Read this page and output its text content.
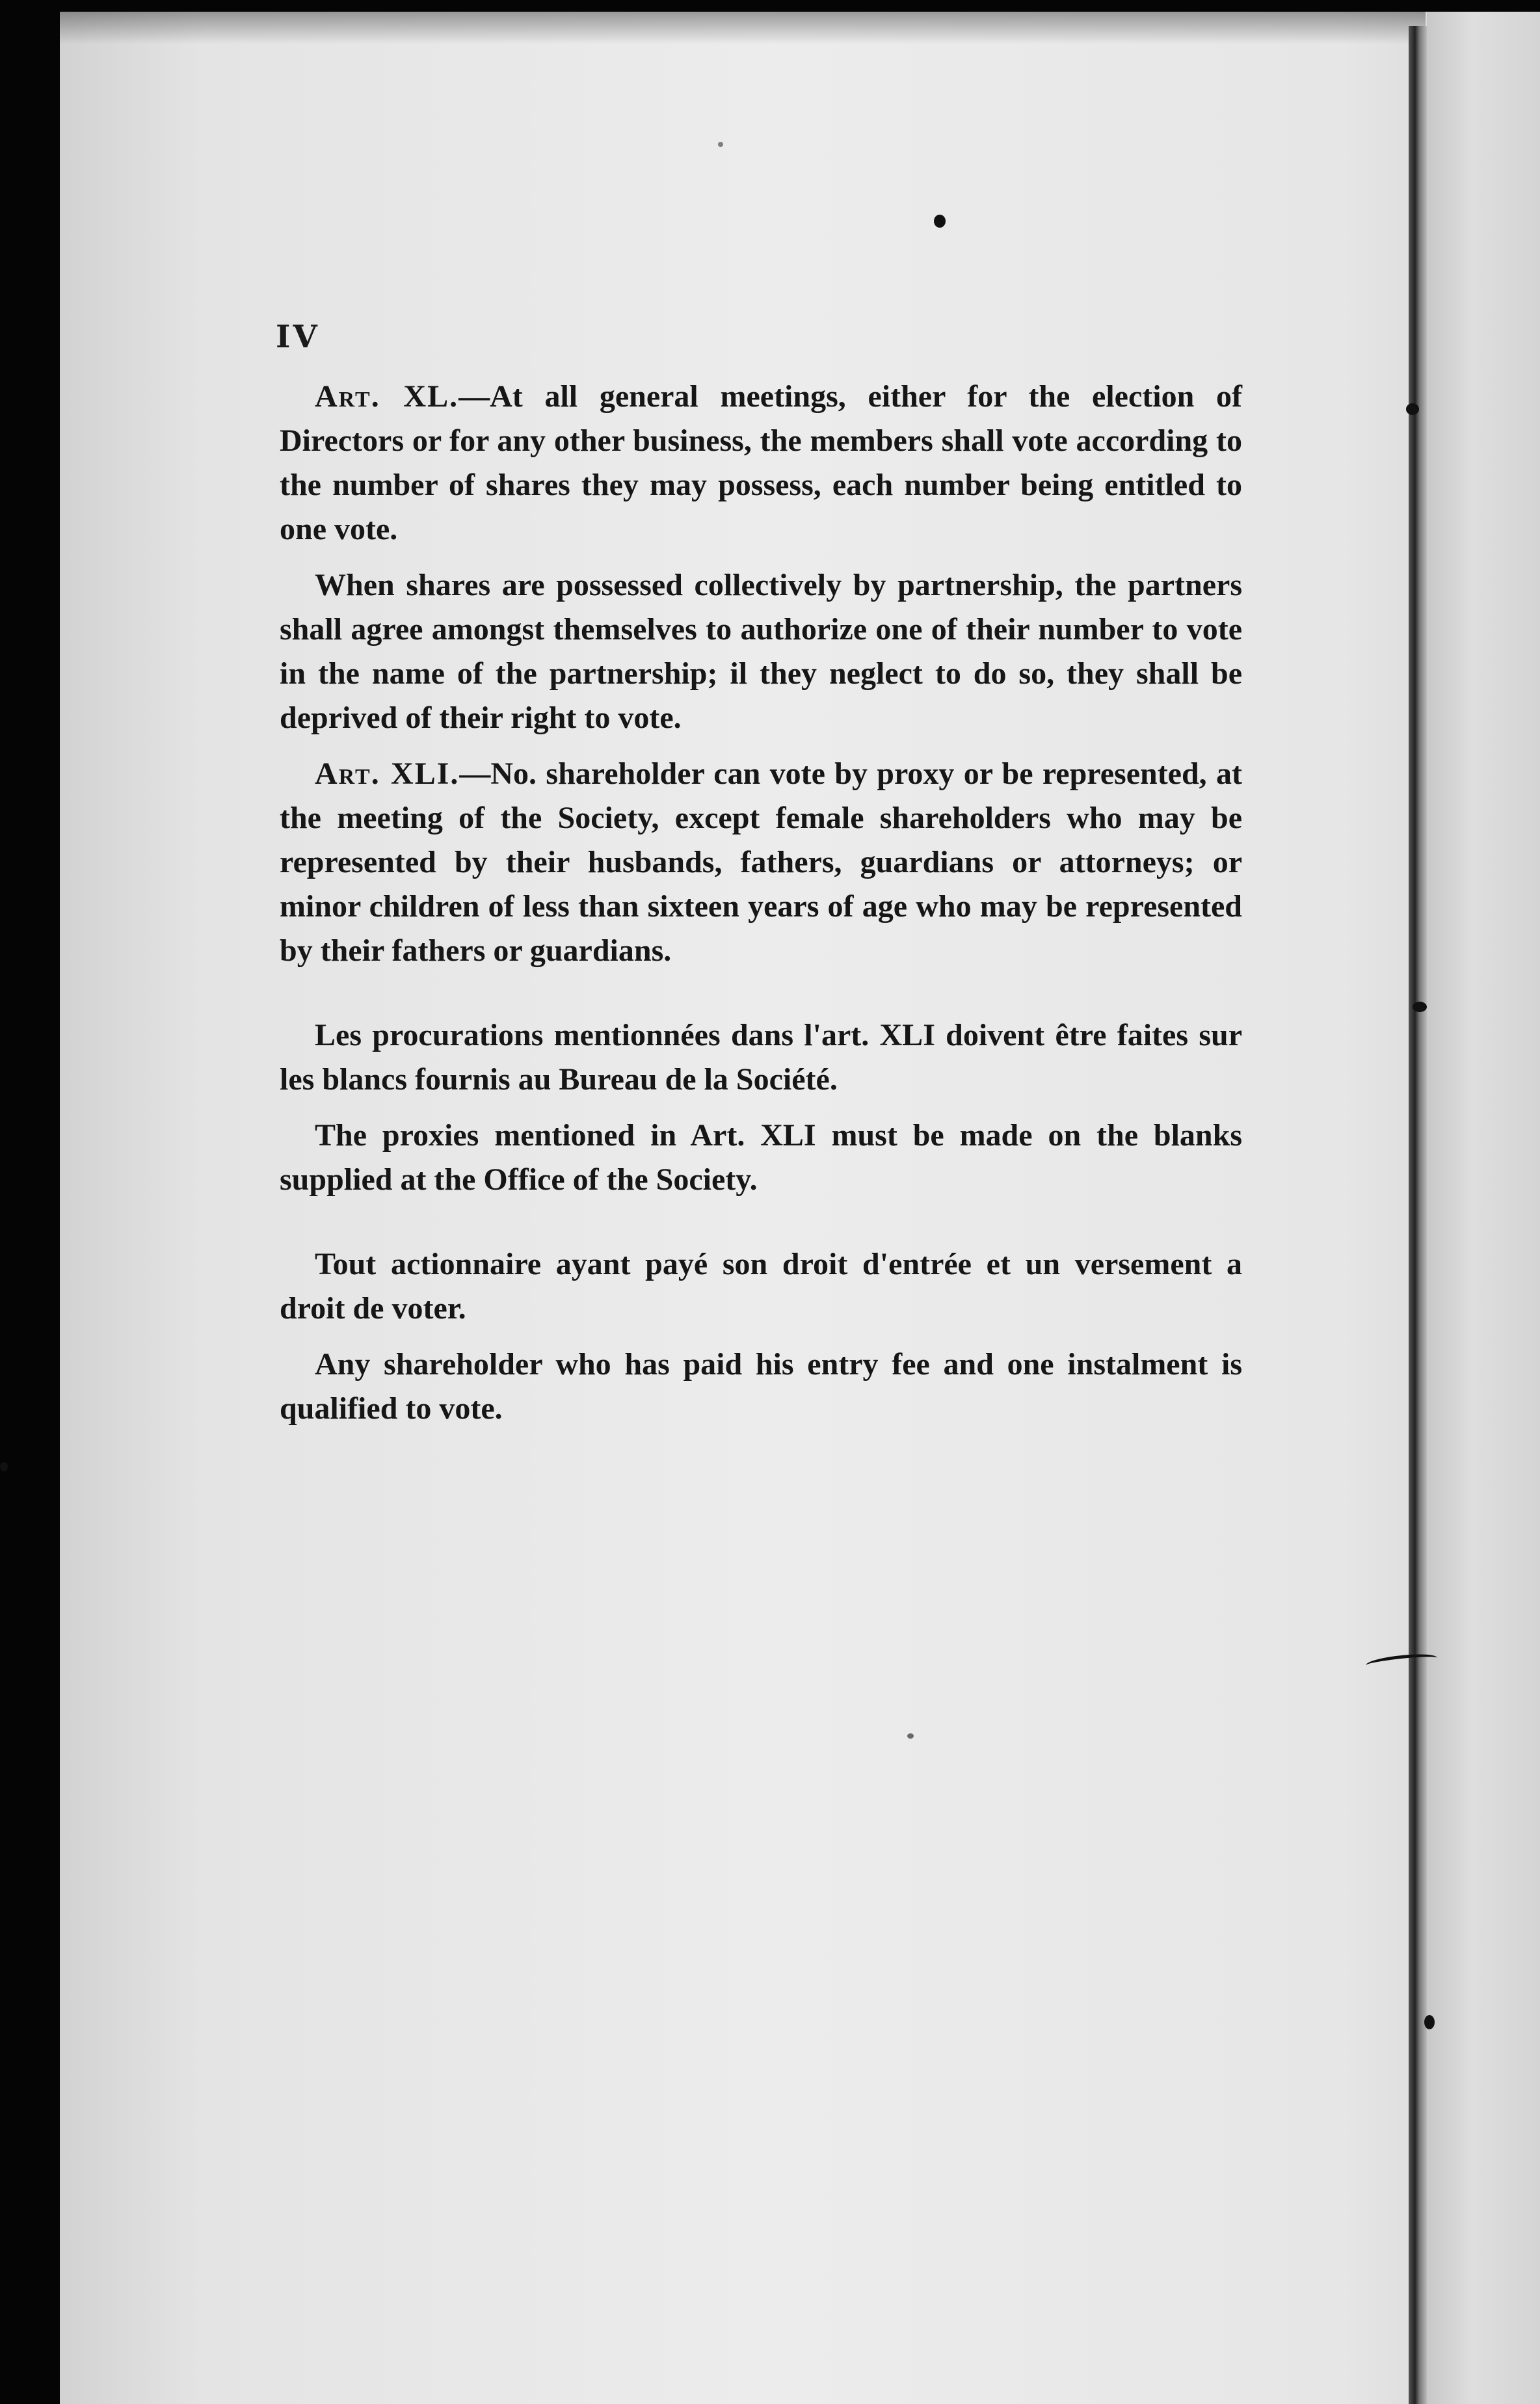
IV

Art. XL.—At all general meetings, either for the election of Directors or for any other business, the members shall vote according to the number of shares they may possess, each number being entitled to one vote.

When shares are possessed collectively by partnership, the partners shall agree amongst themselves to authorize one of their number to vote in the name of the partnership; il they neglect to do so, they shall be deprived of their right to vote.

Art. XLI.—No. shareholder can vote by proxy or be represented, at the meeting of the Society, except female shareholders who may be represented by their husbands, fathers, guardians or attorneys; or minor children of less than sixteen years of age who may be represented by their fathers or guardians.

Les procurations mentionnées dans l'art. XLI doivent être faites sur les blancs fournis au Bureau de la Société.

The proxies mentioned in Art. XLI must be made on the blanks supplied at the Office of the Society.

Tout actionnaire ayant payé son droit d'entrée et un versement a droit de voter.

Any shareholder who has paid his entry fee and one instalment is qualified to vote.
